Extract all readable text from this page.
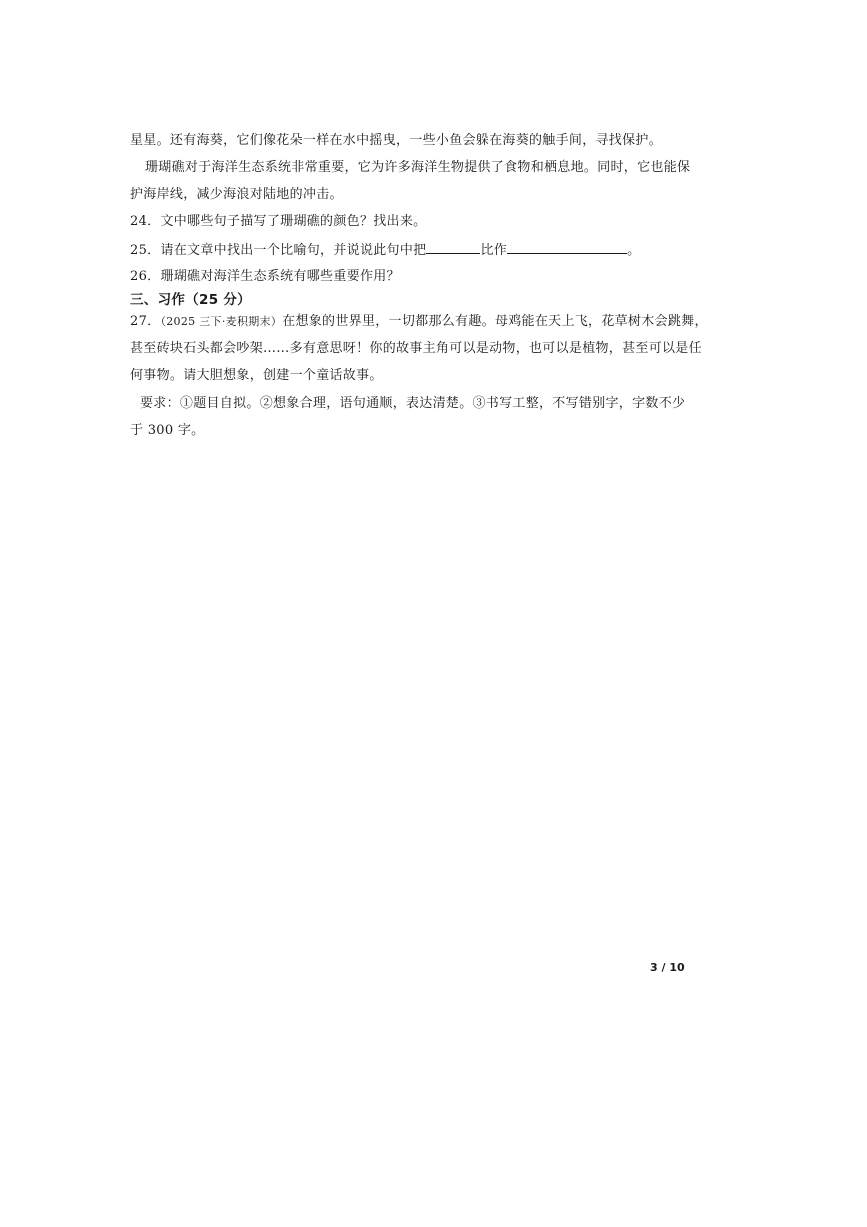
星星。还有海葵，它们像花朵一样在水中摇曳，一些小鱼会躲在海葵的触手间，寻找保护。
珊瑚礁对于海洋生态系统非常重要，它为许多海洋生物提供了食物和栖息地。同时，它也能保
护海岸线，减少海浪对陆地的冲击。
24．文中哪些句子描写了珊瑚礁的颜色？找出来。
25．请在文章中找出一个比喻句，并说说此句中把	比作	。
26．珊瑚礁对海洋生态系统有哪些重要作用？
三、习作（25 分）
27．（2025 三下·麦积期末）在想象的世界里，一切都那么有趣。母鸡能在天上飞，花草树木会跳舞，
甚至砖块石头都会吵架……多有意思呀！你的故事主角可以是动物，也可以是植物，甚至可以是任
何事物。请大胆想象，创建一个童话故事。
要求：①题目自拟。②想象合理，语句通顺，表达清楚。③书写工整，不写错别字，字数不少
于 300 字。
3 / 10
